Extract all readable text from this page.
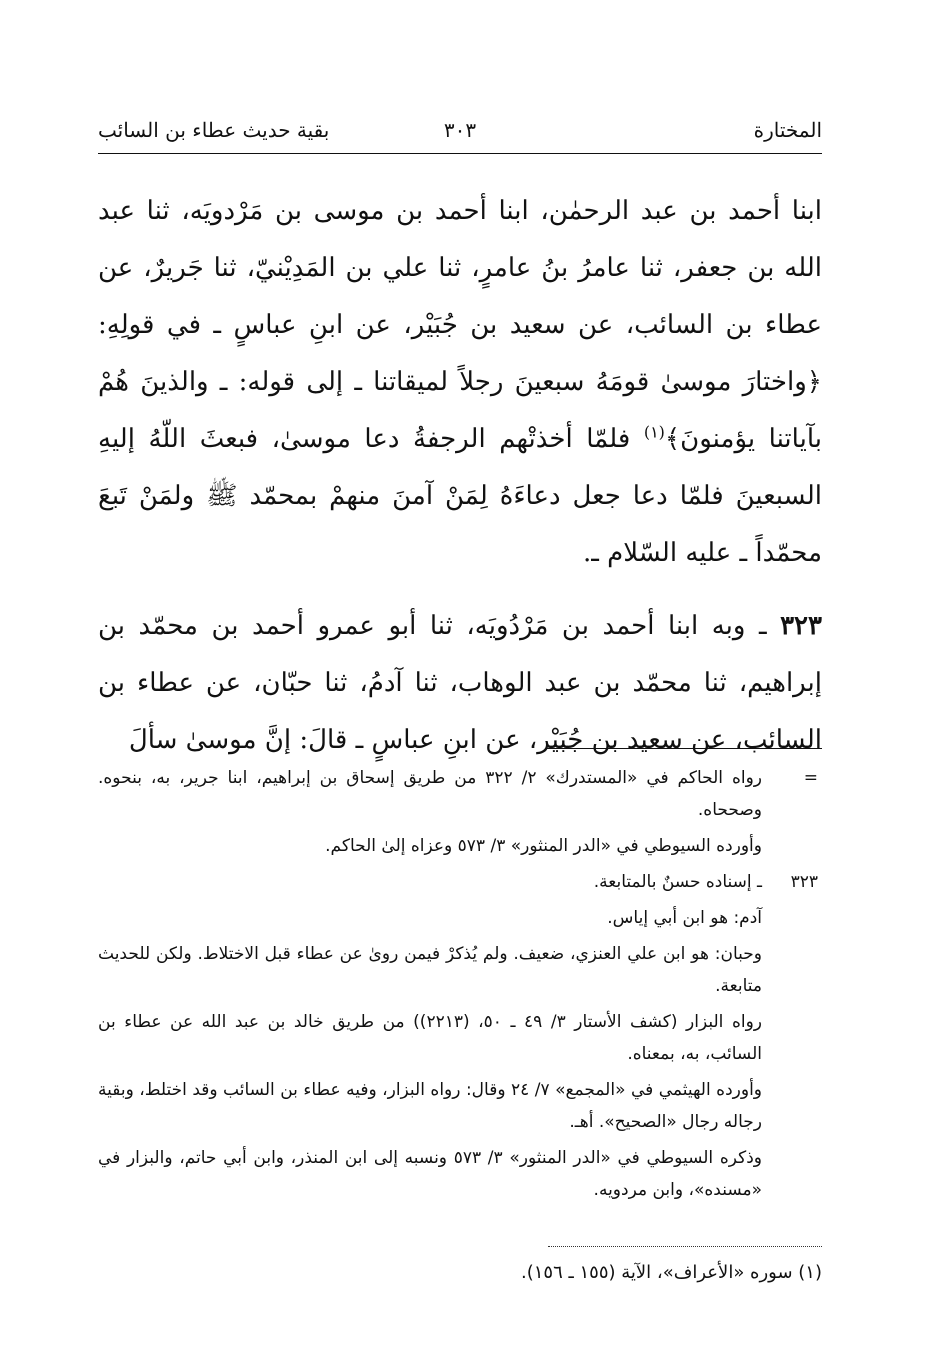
المختارة
٣٠٣
بقية حديث عطاء بن السائب

ابنا أحمد بن عبد الرحمٰن، ابنا أحمد بن موسى بن مَرْدويَه، ثنا عبد الله بن جعفر، ثنا عامرُ بنُ عامرٍ، ثنا علي بن المَدِيْنيّ، ثنا جَريرٌ، عن عطاء بن السائب، عن سعيد بن جُبَيْر، عن ابنِ عباسٍ ـ في قولِهِ: ﴿واختارَ موسىٰ قومَهُ سبعينَ رجلاً لميقاتنا ـ إلى قوله: ـ والذينَ هُمْ بآياتنا يؤمنونَ﴾$^{(١)}$ فلمّا أخذتْهم الرجفةُ دعا موسىٰ، فبعثَ اللّهُ إليهِ السبعينَ فلمّا دعا جعل دعاءَهُ لِمَنْ آمنَ منهمْ بمحمّد ﷺ ولمَنْ تَبعَ محمّداً ـ عليه السّلام ـ.

٣٢٣ ـ وبه ابنا أحمد بن مَرْدُويَه، ثنا أبو عمرو أحمد بن محمّد بن إبراهيم، ثنا محمّد بن عبد الوهاب، ثنا آدمُ، ثنا حبّان، عن عطاء بن السائب، عن سعيد بن جُبَيْر، عن ابنِ عباسٍ ـ قالَ: إنَّ موسىٰ سألَ

=
رواه الحاكم في «المستدرك» ٢/ ٣٢٢ من طريق إسحاق بن إبراهيم، ابنا جرير، به، بنحوه. وصححاه.
وأورده السيوطي في «الدر المنثور» ٣/ ٥٧٣ وعزاه إلىٰ الحاكم.
٣٢٣
ـ إسناده حسنٌ بالمتابعة.
آدم: هو ابن أبي إياس.
وحبان: هو ابن علي العنزي، ضعيف. ولم يُذكرْ فيمن روىٰ عن عطاء قبل الاختلاط. ولكن للحديث متابعة.
رواه البزار (كشف الأستار ٣/ ٤٩ ـ ٥٠، (٢٢١٣)) من طريق خالد بن عبد الله عن عطاء بن السائب، به، بمعناه.
وأورده الهيثمي في «المجمع» ٧/ ٢٤ وقال: رواه البزار، وفيه عطاء بن السائب وقد اختلط، وبقية رجاله رجال «الصحيح». أهـ.
وذكره السيوطي في «الدر المنثور» ٣/ ٥٧٣ ونسبه إلى ابن المنذر، وابن أبي حاتم، والبزار في «مسنده»، وابن مردويه.
(١) سوره «الأعراف»، الآية (١٥٥ ـ ١٥٦).
